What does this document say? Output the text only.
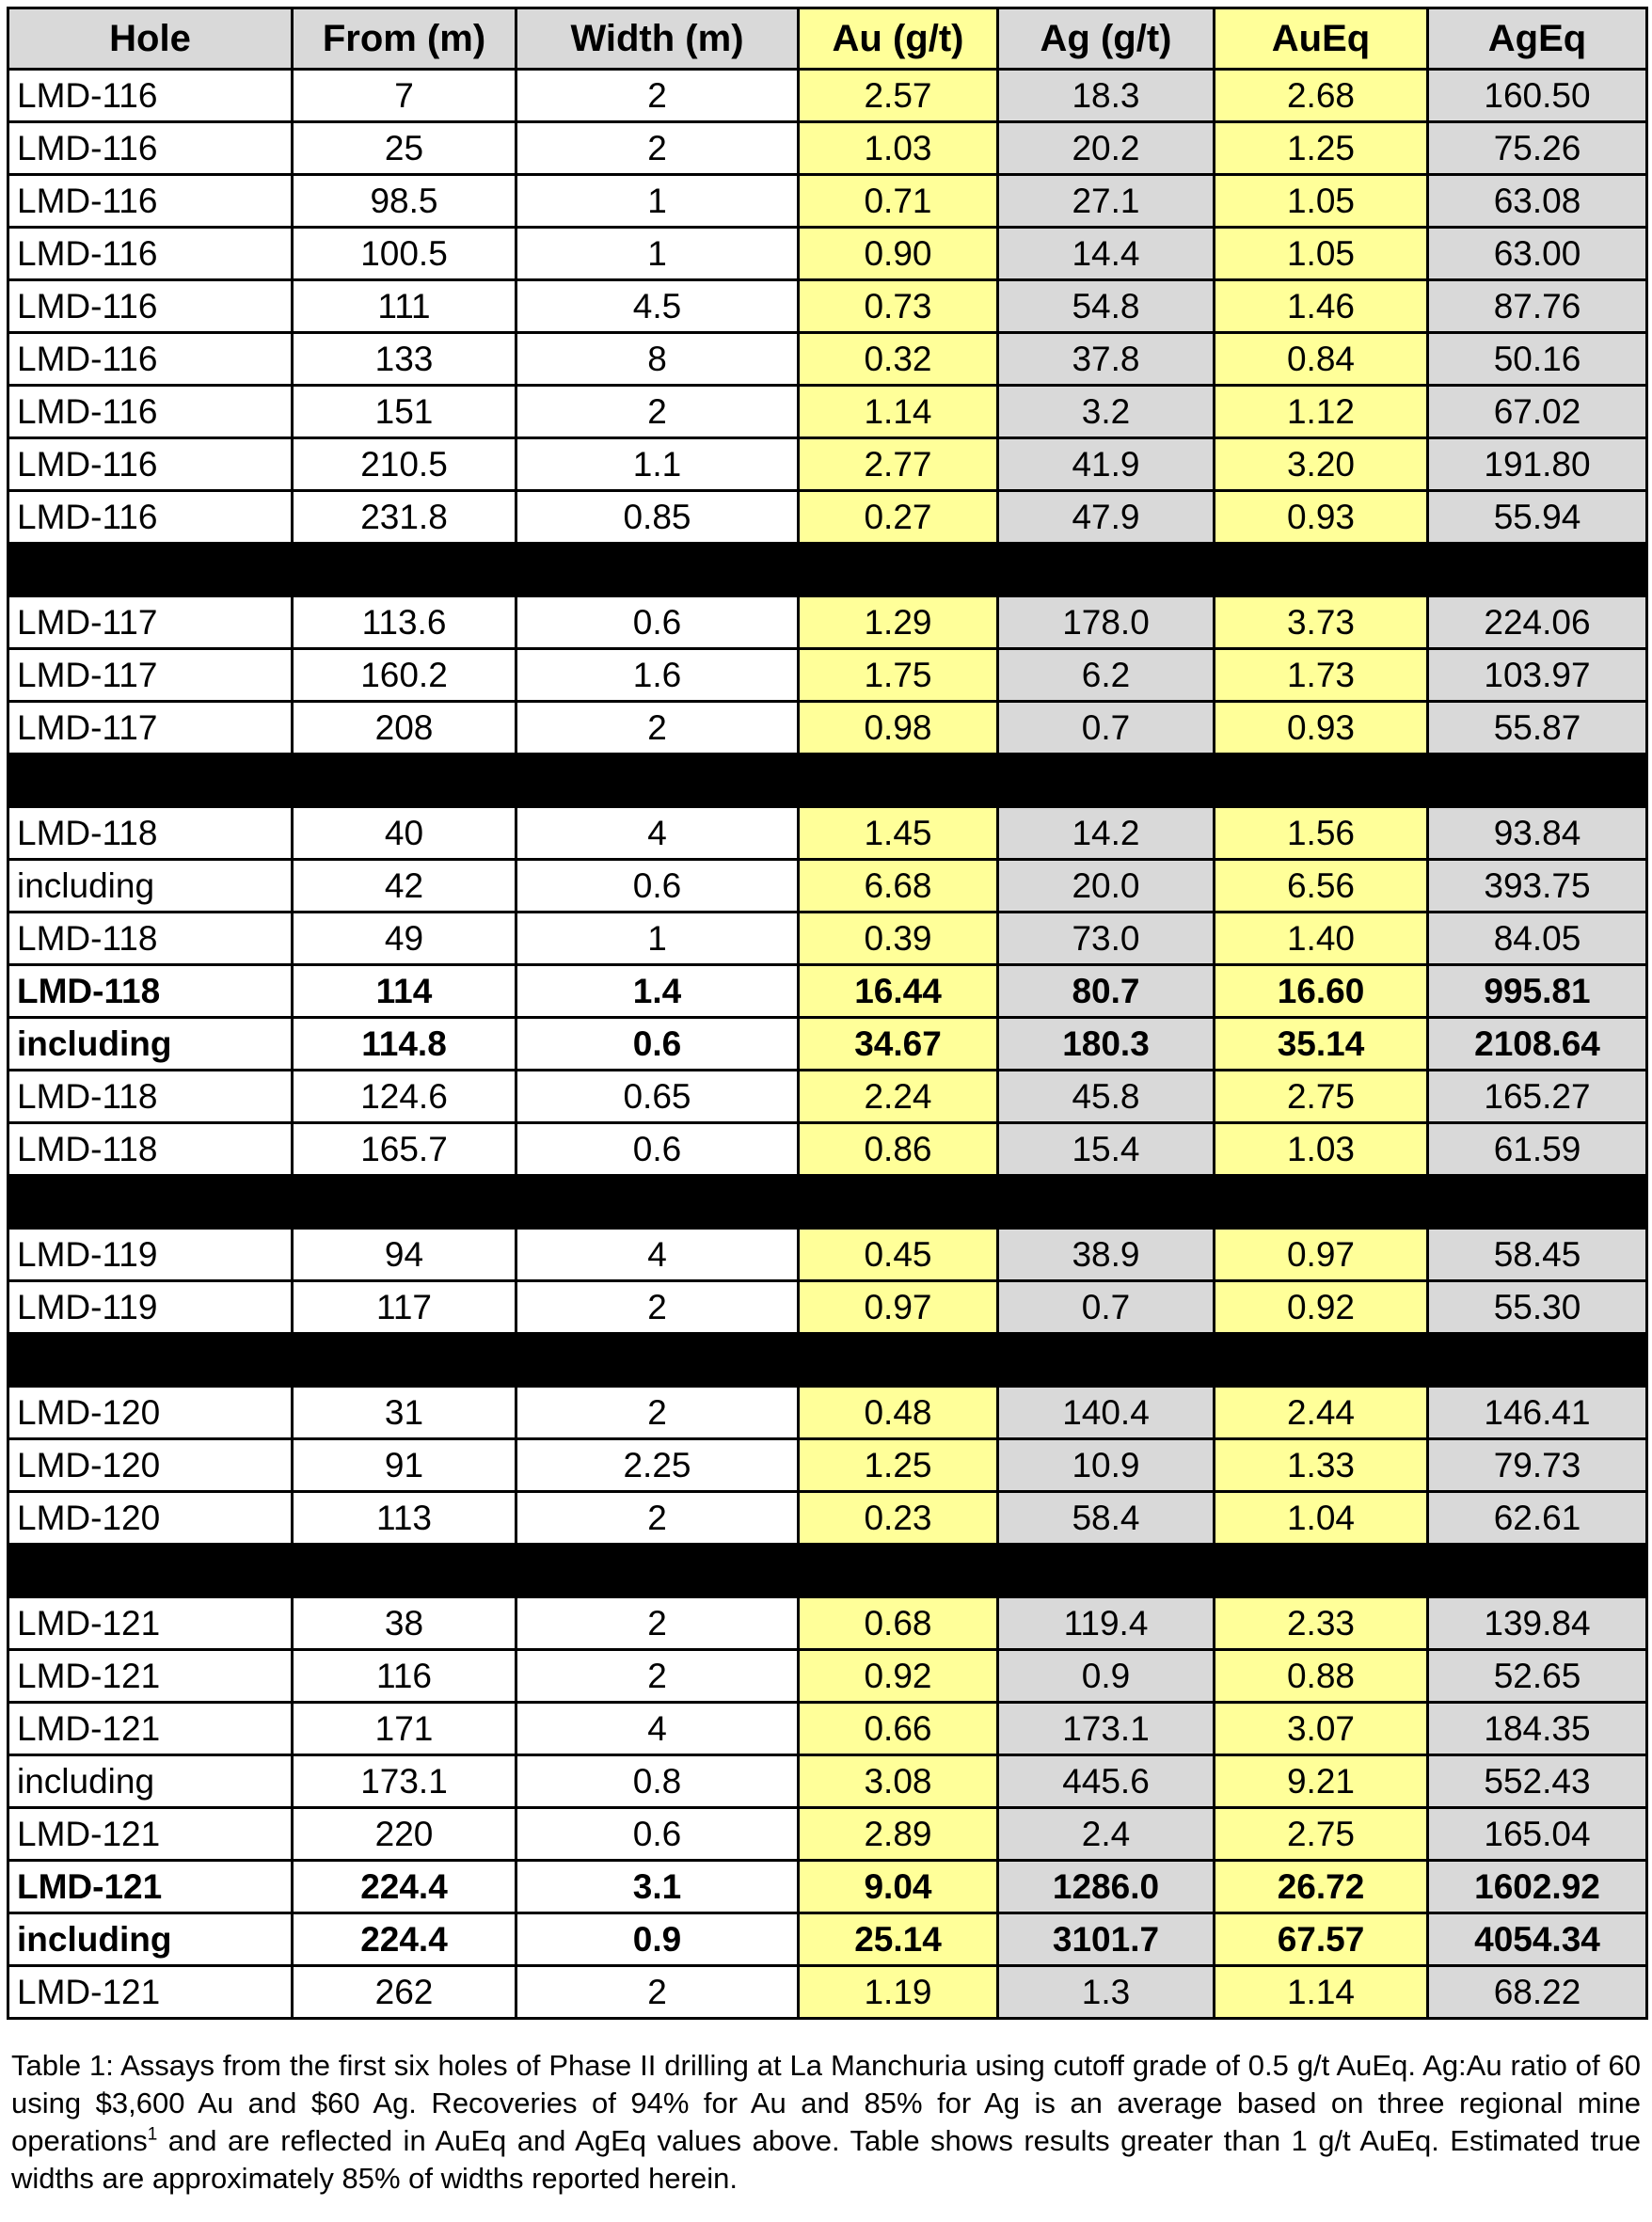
Hole	From (m)	Width (m)	Au (g/t)	Ag (g/t)	AuEq	AgEq
LMD-116	7	2	2.57	18.3	2.68	160.50
LMD-116	25	2	1.03	20.2	1.25	75.26
LMD-116	98.5	1	0.71	27.1	1.05	63.08
LMD-116	100.5	1	0.90	14.4	1.05	63.00
LMD-116	111	4.5	0.73	54.8	1.46	87.76
LMD-116	133	8	0.32	37.8	0.84	50.16
LMD-116	151	2	1.14	3.2	1.12	67.02
LMD-116	210.5	1.1	2.77	41.9	3.20	191.80
LMD-116	231.8	0.85	0.27	47.9	0.93	55.94

LMD-117	113.6	0.6	1.29	178.0	3.73	224.06
LMD-117	160.2	1.6	1.75	6.2	1.73	103.97
LMD-117	208	2	0.98	0.7	0.93	55.87

LMD-118	40	4	1.45	14.2	1.56	93.84
including	42	0.6	6.68	20.0	6.56	393.75
LMD-118	49	1	0.39	73.0	1.40	84.05
LMD-118	114	1.4	16.44	80.7	16.60	995.81
including	114.8	0.6	34.67	180.3	35.14	2108.64
LMD-118	124.6	0.65	2.24	45.8	2.75	165.27
LMD-118	165.7	0.6	0.86	15.4	1.03	61.59

LMD-119	94	4	0.45	38.9	0.97	58.45
LMD-119	117	2	0.97	0.7	0.92	55.30

LMD-120	31	2	0.48	140.4	2.44	146.41
LMD-120	91	2.25	1.25	10.9	1.33	79.73
LMD-120	113	2	0.23	58.4	1.04	62.61

LMD-121	38	2	0.68	119.4	2.33	139.84
LMD-121	116	2	0.92	0.9	0.88	52.65
LMD-121	171	4	0.66	173.1	3.07	184.35
including	173.1	0.8	3.08	445.6	9.21	552.43
LMD-121	220	0.6	2.89	2.4	2.75	165.04
LMD-121	224.4	3.1	9.04	1286.0	26.72	1602.92
including	224.4	0.9	25.14	3101.7	67.57	4054.34
LMD-121	262	2	1.19	1.3	1.14	68.22

Table 1: Assays from the first six holes of Phase II drilling at La Manchuria using cutoff grade of 0.5 g/t AuEq. Ag:Au ratio of 60 using $3,600 Au and $60 Ag. Recoveries of 94% for Au and 85% for Ag is an average based on three regional mine operations$^1$ and are reflected in AuEq and AgEq values above. Table shows results greater than 1 g/t AuEq. Estimated true widths are approximately 85% of widths reported herein.
